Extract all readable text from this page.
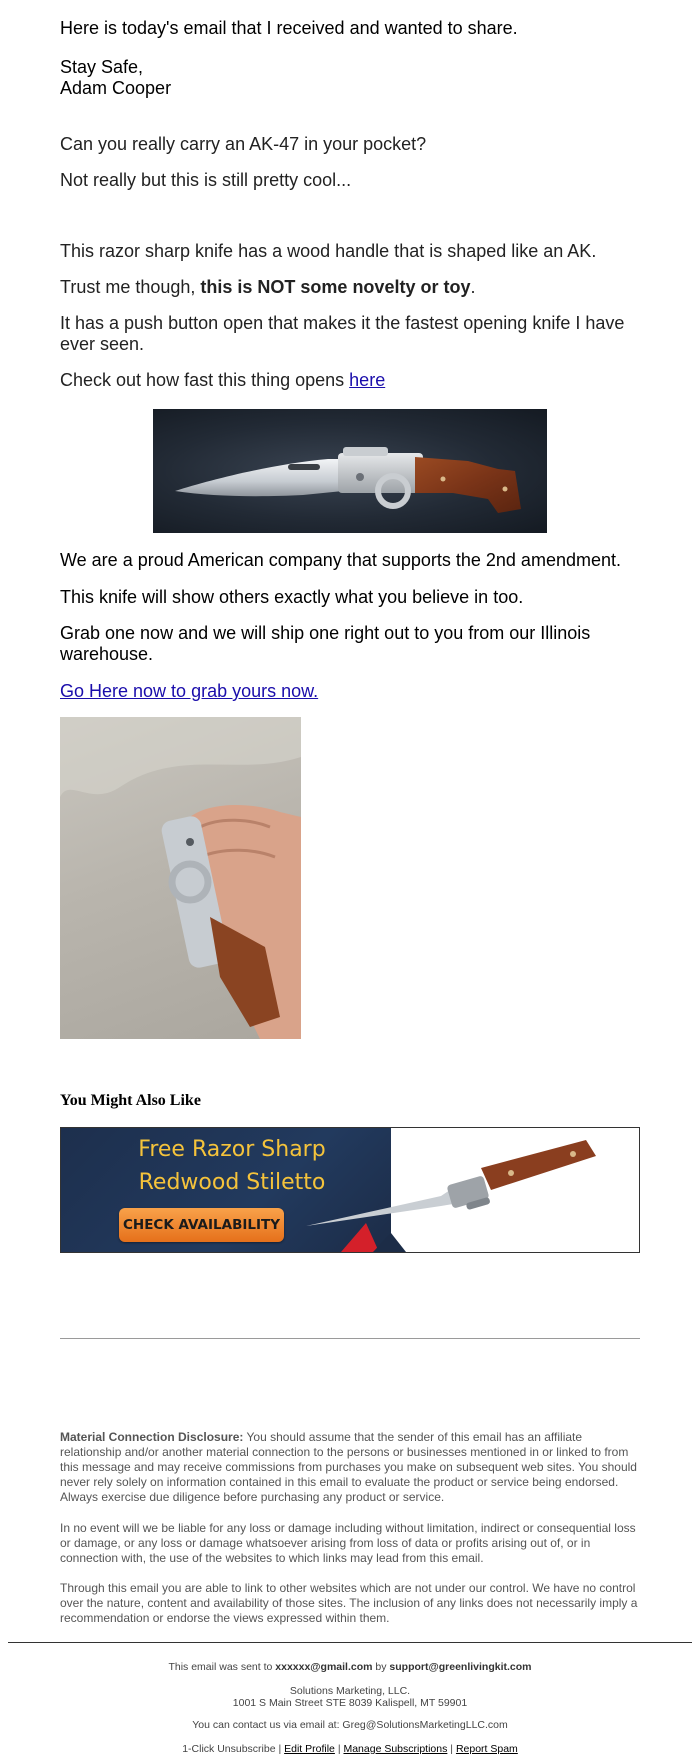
Here is today's email that I received and wanted to share.

Stay Safe,

Adam Cooper

Can you really carry an AK-47 in your pocket?

Not really but this is still pretty cool...

This razor sharp knife has a wood handle that is shaped like an AK.

Trust me though, this is NOT some novelty or toy.

It has a push button open that makes it the fastest opening knife I have ever seen.

Check out how fast this thing opens here

We are a proud American company that supports the 2nd amendment.

This knife will show others exactly what you believe in too.

Grab one now and we will ship one right out to you from our Illinois warehouse.

Go Here now to grab yours now.

You Might Also Like
Free Razor Sharp
Redwood Stiletto
CHECK AVAILABILITY

Material Connection Disclosure: You should assume that the sender of this email has an affiliate relationship and/or another material connection to the persons or businesses mentioned in or linked to from this message and may receive commissions from purchases you make on subsequent web sites. You should never rely solely on information contained in this email to evaluate the product or service being endorsed. Always exercise due diligence before purchasing any product or service.

In no event will we be liable for any loss or damage including without limitation, indirect or consequential loss or damage, or any loss or damage whatsoever arising from loss of data or profits arising out of, or in connection with, the use of the websites to which links may lead from this email.

Through this email you are able to link to other websites which are not under our control. We have no control over the nature, content and availability of those sites. The inclusion of any links does not necessarily imply a recommendation or endorse the views expressed within them.

This email was sent to xxxxxx@gmail.com by support@greenlivingkit.com

Solutions Marketing, LLC.

1001 S Main Street STE 8039 Kalispell, MT 59901

You can contact us via email at: Greg@SolutionsMarketingLLC.com

1-Click Unsubscribe | Edit Profile | Manage Subscriptions | Report Spam
